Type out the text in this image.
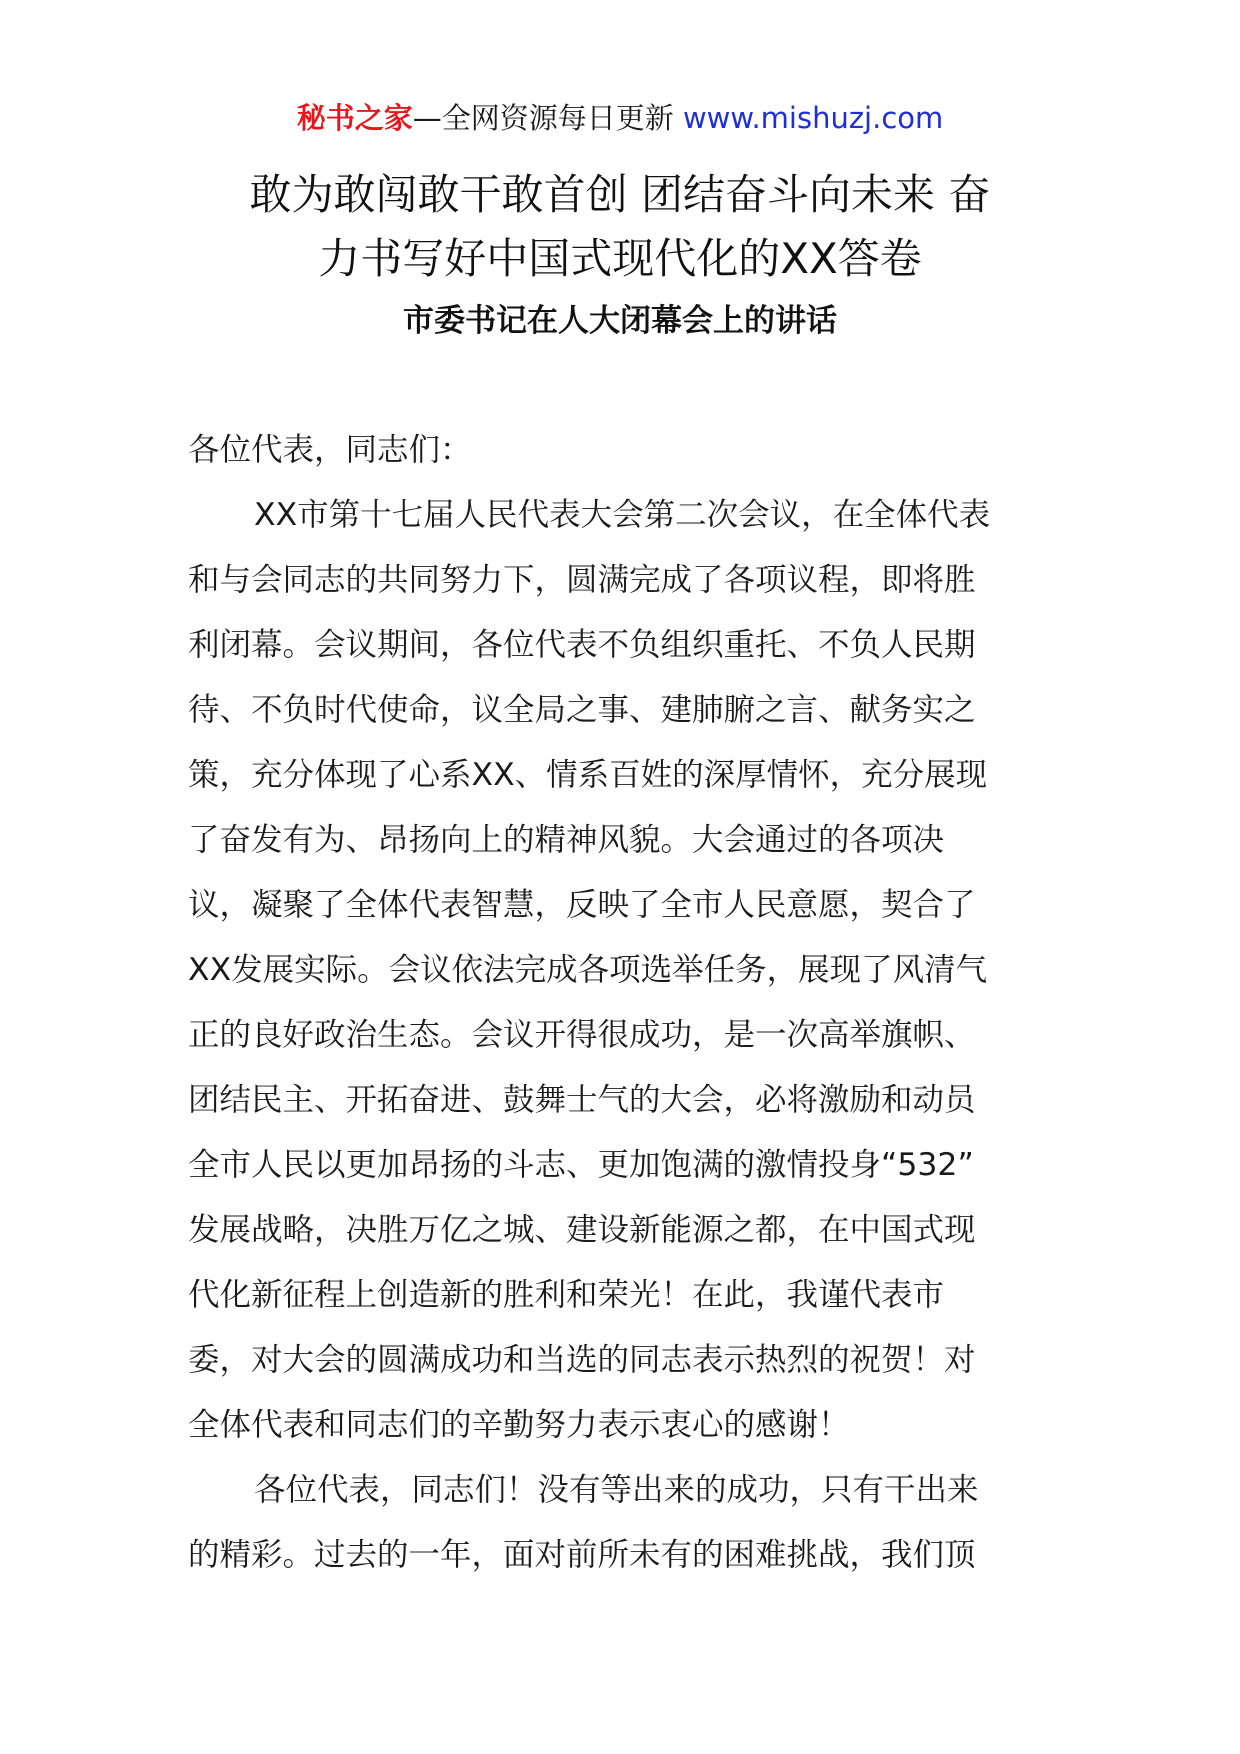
秘书之家—全网资源每日更新 www.mishuzj.com
敢为敢闯敢干敢首创 团结奋斗向未来 奋
力书写好中国式现代化的XX答卷
市委书记在人大闭幕会上的讲话
各位代表，同志们：
XX市第十七届人民代表大会第二次会议，在全体代表
和与会同志的共同努力下，圆满完成了各项议程，即将胜
利闭幕。会议期间，各位代表不负组织重托、不负人民期
待、不负时代使命，议全局之事、建肺腑之言、献务实之
策，充分体现了心系XX、情系百姓的深厚情怀，充分展现
了奋发有为、昂扬向上的精神风貌。大会通过的各项决
议，凝聚了全体代表智慧，反映了全市人民意愿，契合了
XX发展实际。会议依法完成各项选举任务，展现了风清气
正的良好政治生态。会议开得很成功，是一次高举旗帜、
团结民主、开拓奋进、鼓舞士气的大会，必将激励和动员
全市人民以更加昂扬的斗志、更加饱满的激情投身“532”
发展战略，决胜万亿之城、建设新能源之都，在中国式现
代化新征程上创造新的胜利和荣光！在此，我谨代表市
委，对大会的圆满成功和当选的同志表示热烈的祝贺！对
全体代表和同志们的辛勤努力表示衷心的感谢！
各位代表，同志们！没有等出来的成功，只有干出来
的精彩。过去的一年，面对前所未有的困难挑战，我们顶
